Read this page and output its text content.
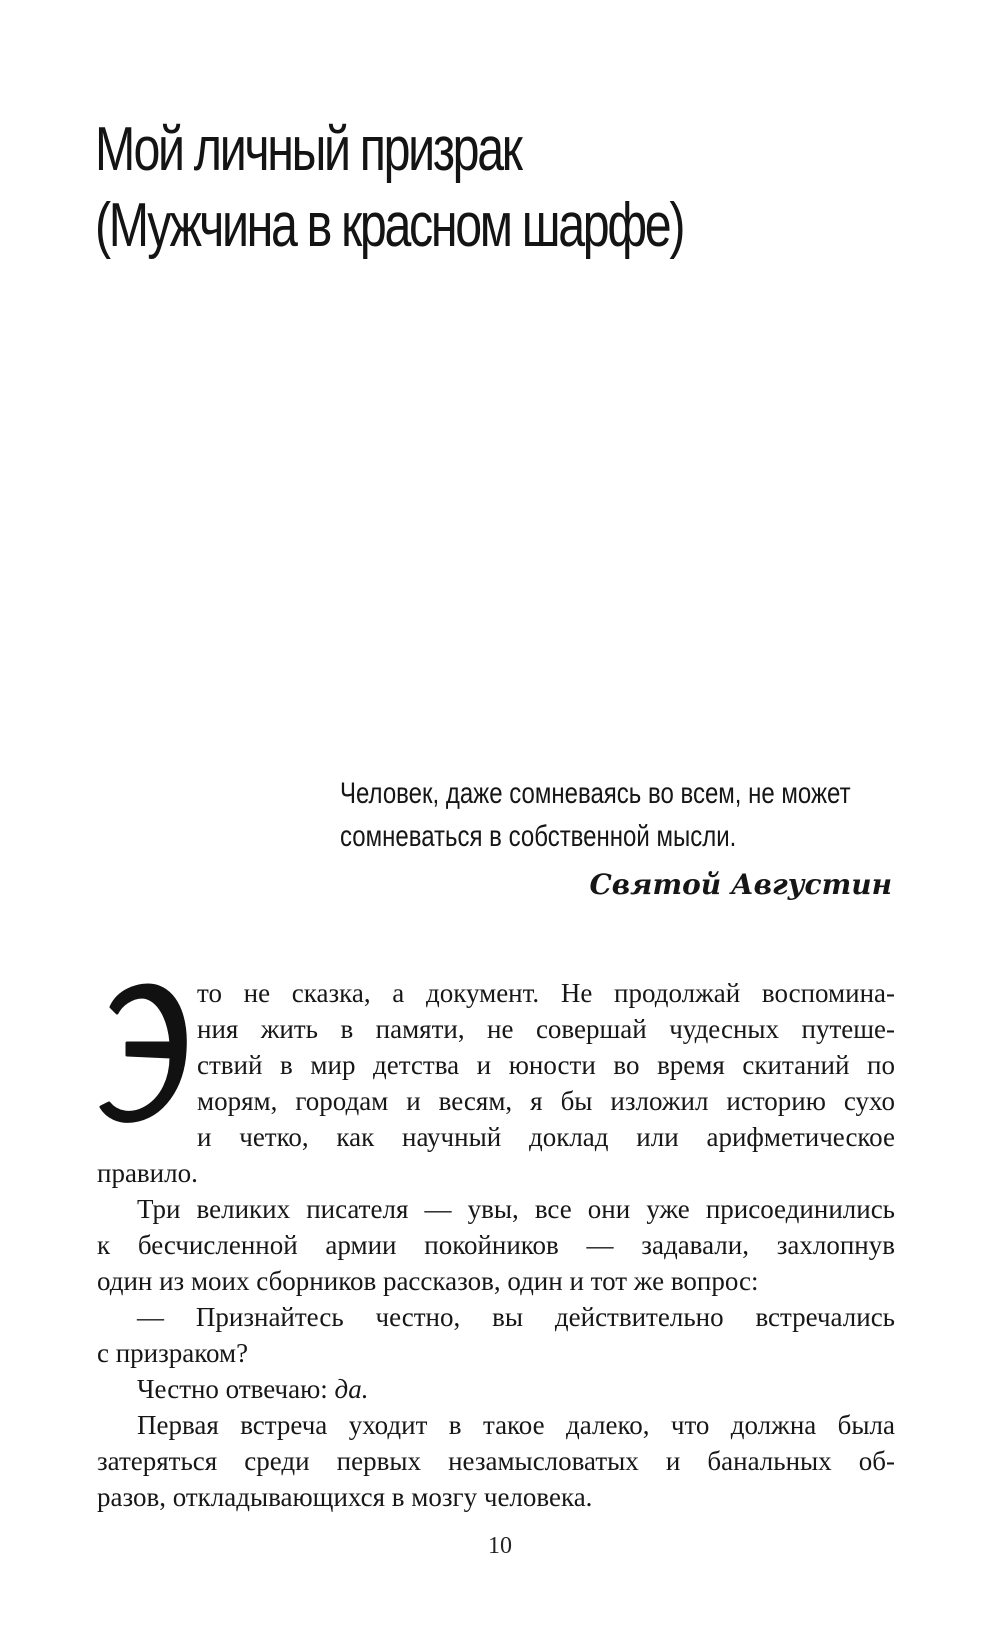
Мой личный призрак
(Мужчина в красном шарфе)
Человек, даже сомневаясь во всем, не может
сомневаться в собственной мысли.
Святой Августин
то не сказка, а документ. Не продолжай воспомина-
ния жить в памяти, не совершай чудесных путеше-
ствий в мир детства и юности во время скитаний по
морям, городам и весям, я бы изложил историю сухо
и четко, как научный доклад или арифметическое
правило.
Три великих писателя — увы, все они уже присоединились
к бесчисленной армии покойников — задавали, захлопнув
один из моих сборников рассказов, один и тот же вопрос:
— Признайтесь честно, вы действительно встречались
с призраком?
Честно отвечаю: да.
Первая встреча уходит в такое далеко, что должна была
затеряться среди первых незамысловатых и банальных об-
разов, откладывающихся в мозгу человека.
10
